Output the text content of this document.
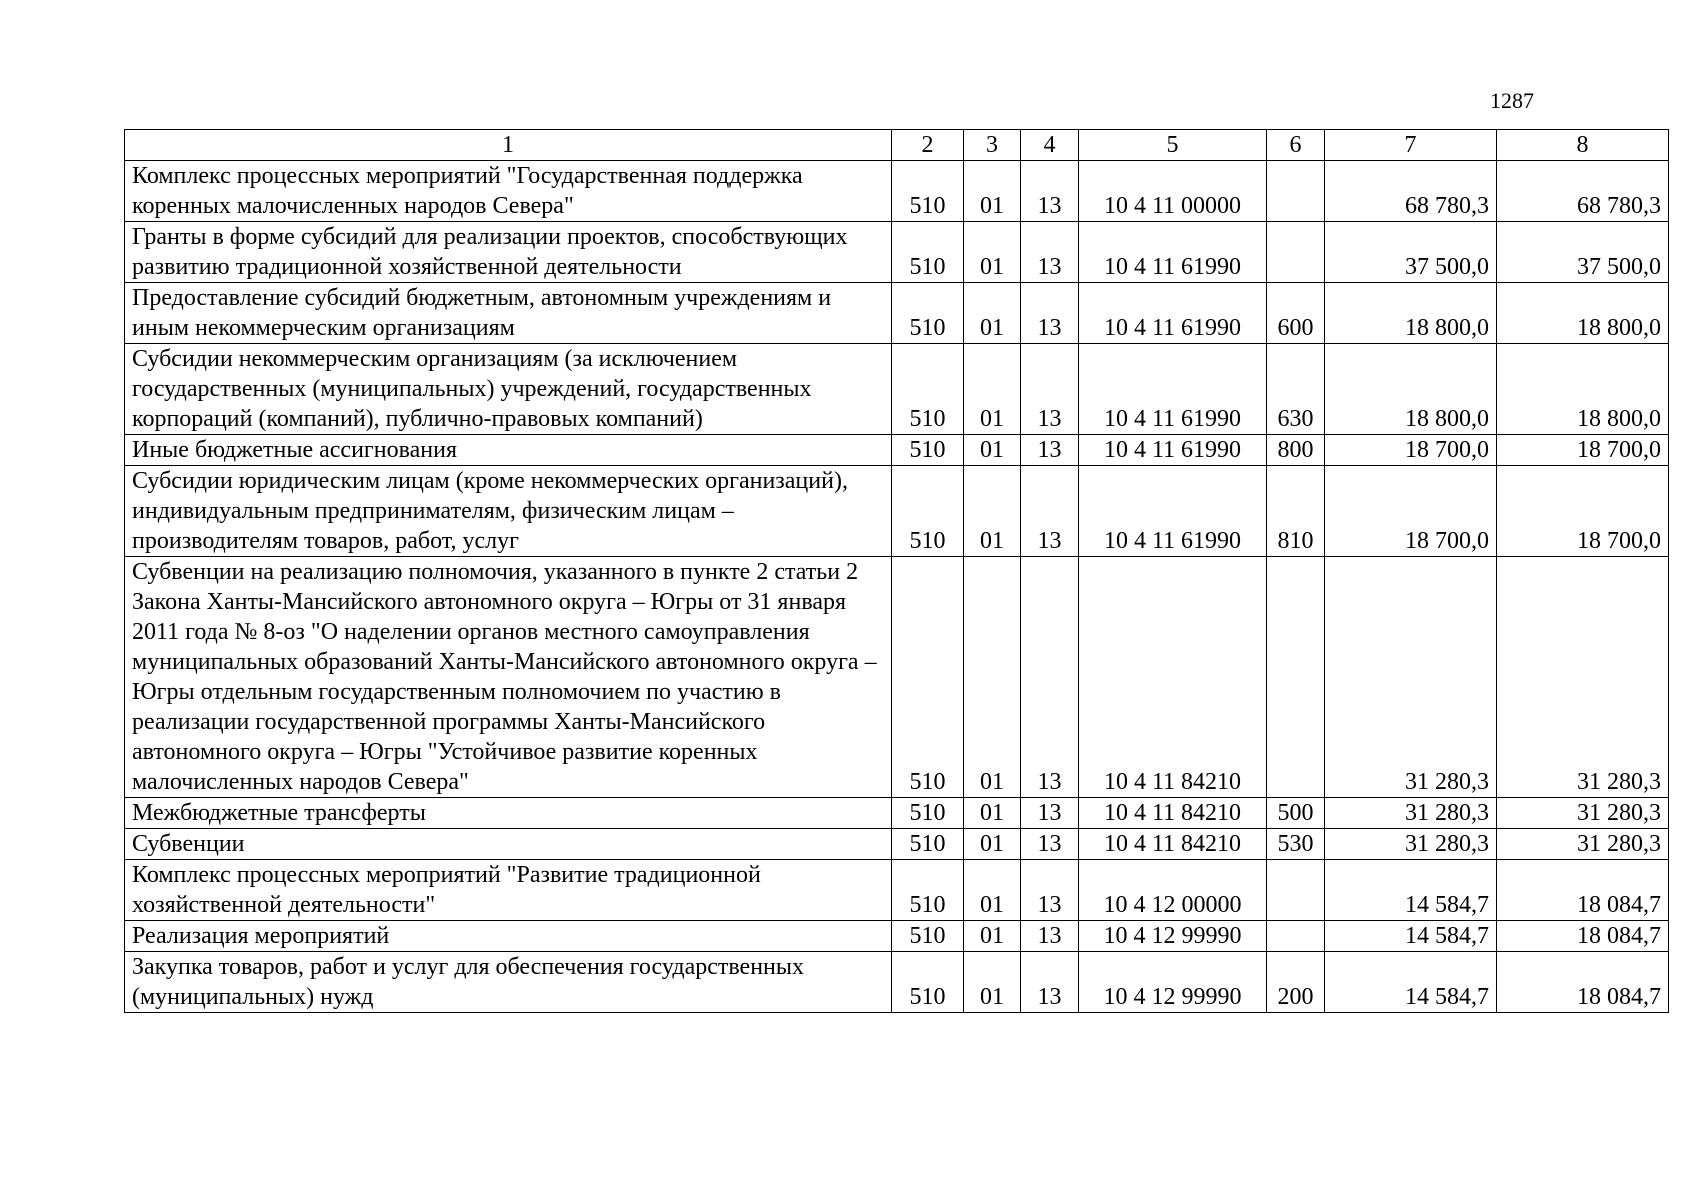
1287
1	2	3	4	5	6	7	8
Комплекс процессных мероприятий "Государственная поддержка коренных малочисленных народов Севера"	510	01	13	10 4 11 00000		68 780,3	68 780,3
Гранты в форме субсидий для реализации проектов, способствующих развитию традиционной хозяйственной деятельности	510	01	13	10 4 11 61990		37 500,0	37 500,0
Предоставление субсидий бюджетным, автономным учреждениям и иным некоммерческим организациям	510	01	13	10 4 11 61990	600	18 800,0	18 800,0
Субсидии некоммерческим организациям (за исключением государственных (муниципальных) учреждений, государственных корпораций (компаний), публично-правовых компаний)	510	01	13	10 4 11 61990	630	18 800,0	18 800,0
Иные бюджетные ассигнования	510	01	13	10 4 11 61990	800	18 700,0	18 700,0
Субсидии юридическим лицам (кроме некоммерческих организаций), индивидуальным предпринимателям, физическим лицам – производителям товаров, работ, услуг	510	01	13	10 4 11 61990	810	18 700,0	18 700,0
Субвенции на реализацию полномочия, указанного в пункте 2 статьи 2 Закона Ханты-Мансийского автономного округа – Югры от 31 января 2011 года № 8-оз "О наделении органов местного самоуправления муниципальных образований Ханты-Мансийского автономного округа – Югры отдельным государственным полномочием по участию в реализации государственной программы Ханты-Мансийского автономного округа – Югры "Устойчивое развитие коренных малочисленных народов Севера"	510	01	13	10 4 11 84210		31 280,3	31 280,3
Межбюджетные трансферты	510	01	13	10 4 11 84210	500	31 280,3	31 280,3
Субвенции	510	01	13	10 4 11 84210	530	31 280,3	31 280,3
Комплекс процессных мероприятий "Развитие традиционной хозяйственной деятельности"	510	01	13	10 4 12 00000		14 584,7	18 084,7
Реализация мероприятий	510	01	13	10 4 12 99990		14 584,7	18 084,7
Закупка товаров, работ и услуг для обеспечения государственных (муниципальных) нужд	510	01	13	10 4 12 99990	200	14 584,7	18 084,7
